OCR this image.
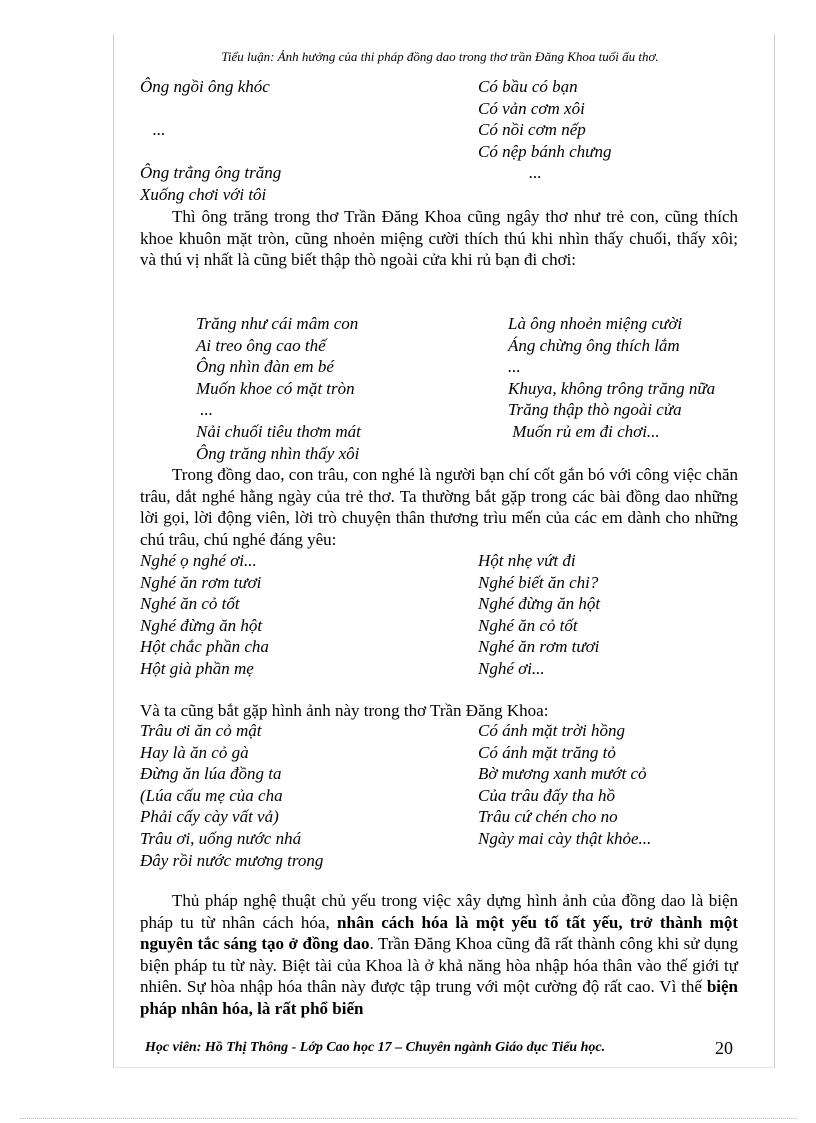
Tiểu luận: Ảnh hưởng của thi pháp đồng dao trong thơ trần Đăng Khoa tuổi ấu thơ.
Ông ngồi ông khóc
...
Ông trẳng ông trăng
Xuống chơi với tôi
Có bầu có bạn
Có vản cơm xôi
Có nồi cơm nếp
Có nệp bánh chưng
...
Thì ông trăng trong thơ Trần Đăng Khoa cũng ngây thơ như trẻ con, cũng thích khoe khuôn mặt tròn, cũng nhoẻn miệng cười thích thú khi nhìn thấy chuối, thấy xôi; và thú vị nhất là cũng biết thập thò ngoài cửa khi rủ bạn đi chơi:
Trăng như cái mâm con
Ai treo ông cao thế
Ông nhìn đàn em bé
Muốn khoe có mặt tròn
...
Nải chuối tiêu thơm mát
Ông trăng nhìn thấy xôi
Là ông nhoẻn miệng cười
Áng chừng ông thích lắm
...
Khuya, không trông trăng nữa
Trăng thập thò ngoài cửa
Muốn rủ em đi chơi...
Trong đồng dao, con trâu, con nghé là người bạn chí cốt gắn bó với công việc chăn trâu, dắt nghé hằng ngày của trẻ thơ. Ta thường bắt gặp trong các bài đồng dao những lời gọi, lời động viên, lời trò chuyện thân thương trìu mến của các em dành cho những chú trâu, chú nghé đáng yêu:
Nghé ọ nghé ơi...
Nghé ăn rơm tươi
Nghé ăn cỏ tốt
Nghé đừng ăn hột
Hột chắc phần cha
Hột già phần mẹ
Hột nhẹ vứt đi
Nghé biết ăn chi?
Nghé đừng ăn hột
Nghé ăn cỏ tốt
Nghé ăn rơm tươi
Nghé ơi...
Và ta cũng bắt gặp hình ảnh này trong thơ Trần Đăng Khoa:
Trâu ơi ăn cỏ mật
Hay là ăn cỏ gà
Đừng ăn lúa đồng ta
(Lúa cấu mẹ của cha
Phải cấy cày vất vả)
Trâu ơi, uống nước nhá
Đây rồi nước mương trong
Có ánh mặt trời hồng
Có ánh mặt trăng tỏ
Bờ mương xanh mướt cỏ
Của trâu đấy tha hồ
Trâu cứ chén cho no
Ngày mai cày thật khỏe...
Thủ pháp nghệ thuật chủ yếu trong việc xây dựng hình ảnh của đồng dao là biện pháp tu từ nhân cách hóa, nhân cách hóa là một yếu tố tất yếu, trở thành một nguyên tắc sáng tạo ở đồng dao. Trần Đăng Khoa cũng đã rất thành công khi sử dụng biện pháp tu từ này. Biệt tài của Khoa là ở khả năng hòa nhập hóa thân vào thế giới tự nhiên. Sự hòa nhập hóa thân này được tập trung với một cường độ rất cao. Vì thế biện pháp nhân hóa, là rất phổ biến
Học viên: Hồ Thị Thông - Lớp Cao học 17 – Chuyên ngành Giáo dục Tiểu học.	20
